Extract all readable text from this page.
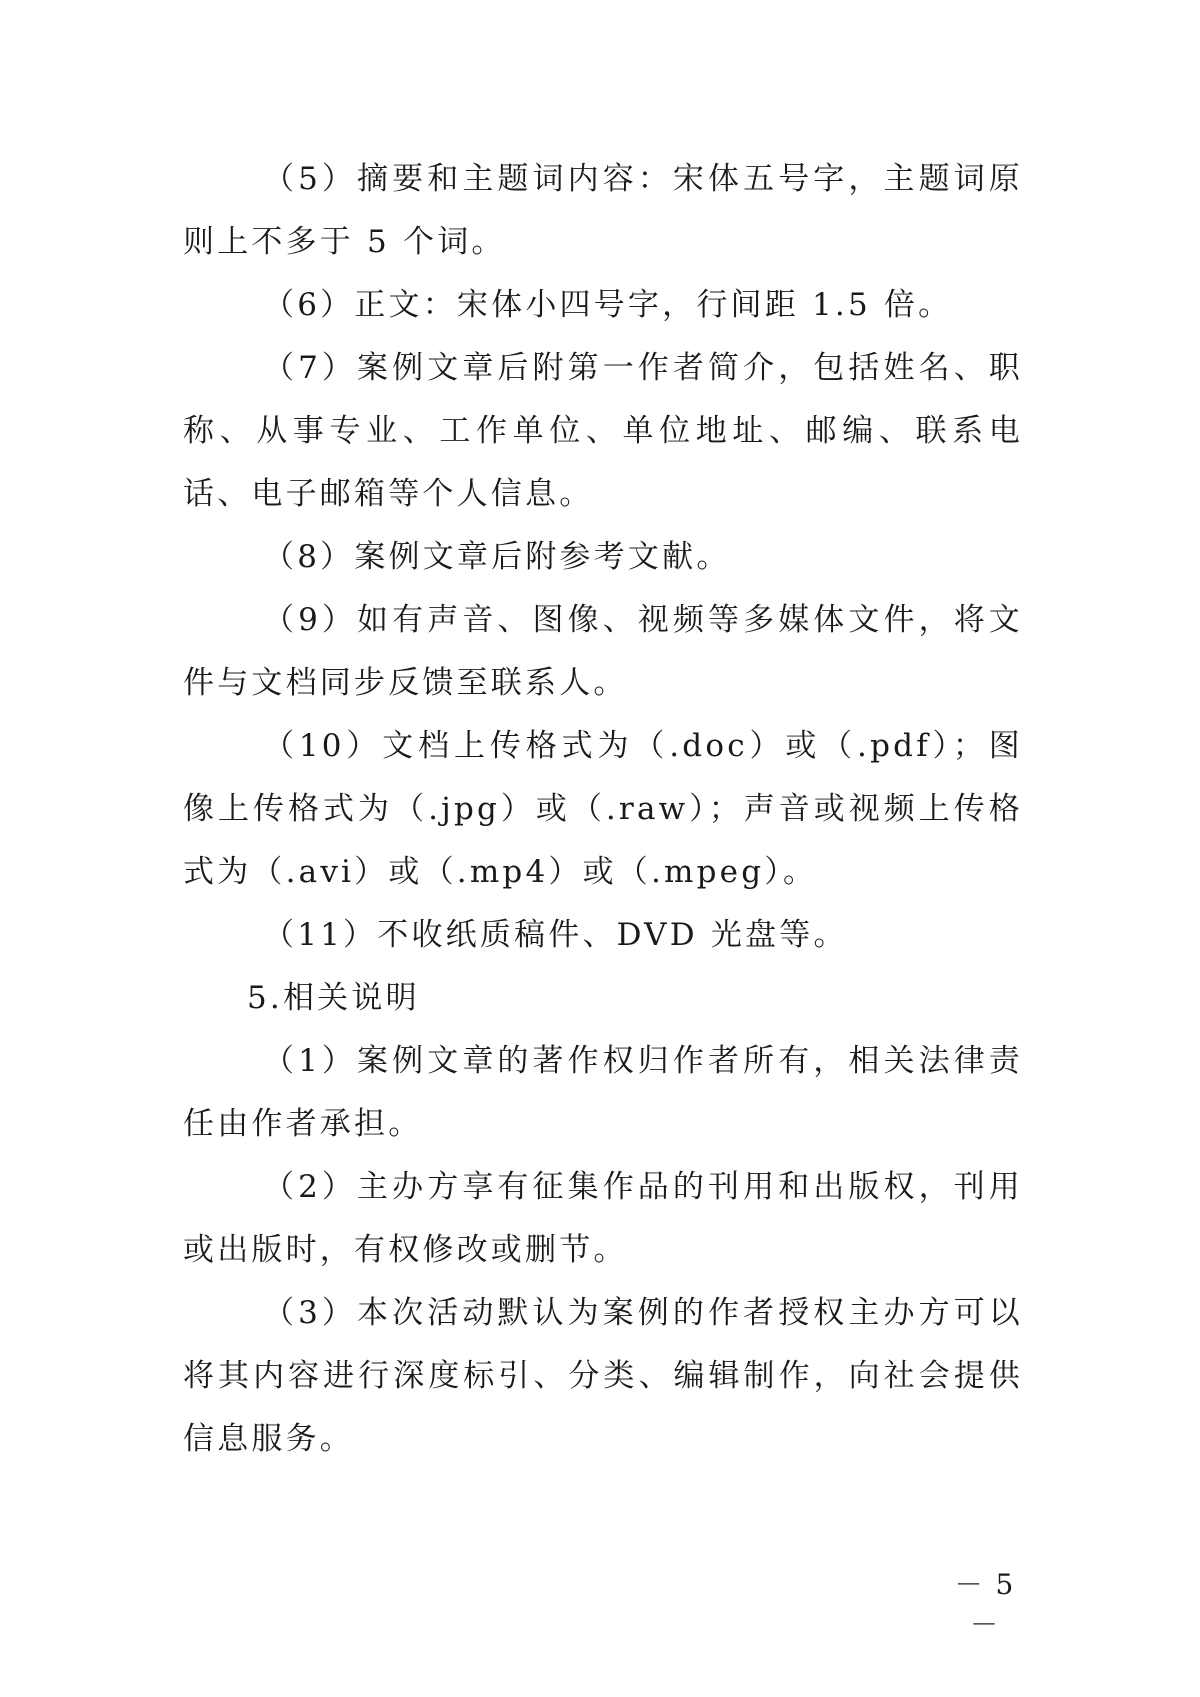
（5）摘要和主题词内容：宋体五号字，主题词原则上不多于 5 个词。

（6）正文：宋体小四号字，行间距 1.5 倍。

（7）案例文章后附第一作者简介，包括姓名、职称、从事专业、工作单位、单位地址、邮编、联系电话、电子邮箱等个人信息。

（8）案例文章后附参考文献。

（9）如有声音、图像、视频等多媒体文件，将文件与文档同步反馈至联系人。

（10）文档上传格式为（.doc）或（.pdf）；图像上传格式为（.jpg）或（.raw）；声音或视频上传格式为（.avi）或（.mp4）或（.mpeg）。

（11）不收纸质稿件、DVD 光盘等。

5.相关说明

（1）案例文章的著作权归作者所有，相关法律责任由作者承担。

（2）主办方享有征集作品的刊用和出版权，刊用或出版时，有权修改或删节。

（3）本次活动默认为案例的作者授权主办方可以将其内容进行深度标引、分类、编辑制作，向社会提供信息服务。

－ 5 －
